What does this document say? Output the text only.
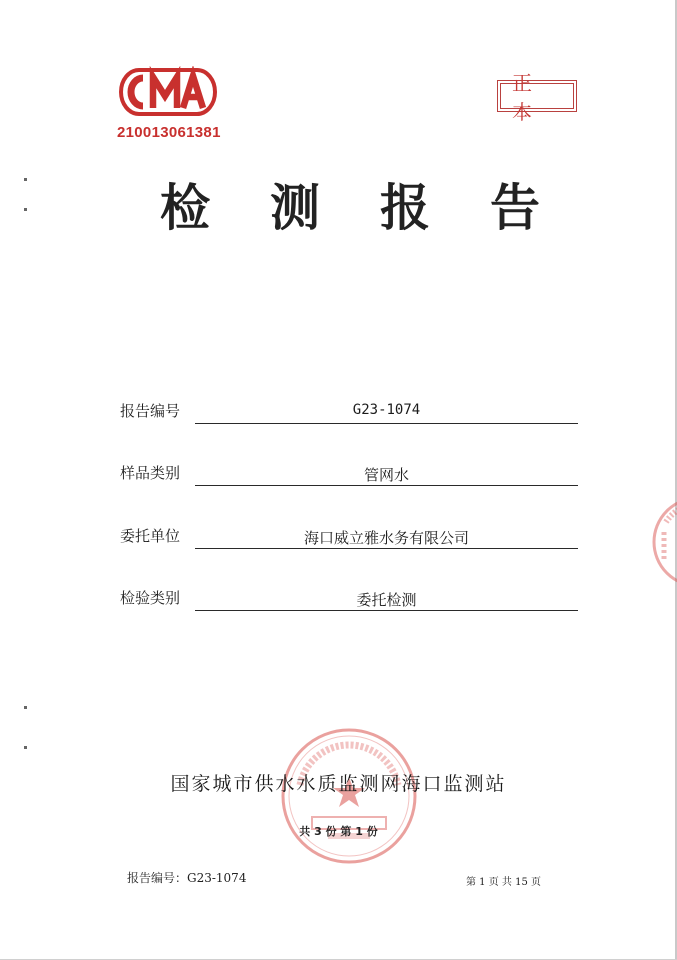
210013061381
正 本
检 测 报 告
报告编号	G23-1074
样品类别	管网水
委托单位	海口威立雅水务有限公司
检验类别	委托检测
国家城市供水水质监测网海口监测站
共 3 份 第 1 份
报告编号：G23-1074	第 1 页 共 15 页
